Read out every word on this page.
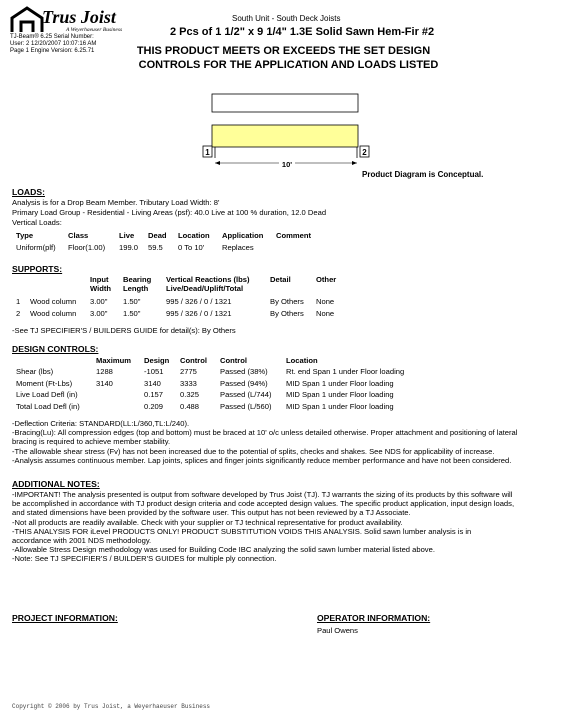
Trus Joist
A Weyerhaeuser Business
TJ-Beam® 6.25 Serial Number:
User: 2 12/20/2007 10:07:16 AM
Page 1 Engine Version: 6.25.71
South Unit - South Deck Joists
2 Pcs of 1 1/2" x 9 1/4" 1.3E Solid Sawn Hem-Fir #2
THIS PRODUCT MEETS OR EXCEEDS THE SET DESIGN
CONTROLS FOR THE APPLICATION AND LOADS LISTED
1	2
10'
Product Diagram is Conceptual.
LOADS:
Analysis is for a Drop Beam Member. Tributary Load Width: 8'
Primary Load Group - Residential - Living Areas (psf): 40.0 Live at 100 % duration, 12.0 Dead
Vertical Loads:
Type	Class	Live	Dead	Location	Application	Comment
Uniform(plf)	Floor(1.00)	199.0	59.5	0 To 10'	Replaces	
SUPPORTS:
		Input	Bearing	Vertical Reactions (lbs)	Detail	Other
		Width	Length	Live/Dead/Uplift/Total		
1	Wood column	3.00"	1.50"	995 / 326 / 0 / 1321	By Others	None
2	Wood column	3.00"	1.50"	995 / 326 / 0 / 1321	By Others	None
-See TJ SPECIFIER'S / BUILDERS GUIDE for detail(s): By Others
DESIGN CONTROLS:
	Maximum	Design	Control	Control	Location
Shear (lbs)	1288	-1051	2775	Passed (38%)	Rt. end Span 1 under Floor loading
Moment (Ft-Lbs)	3140	3140	3333	Passed (94%)	MID Span 1 under Floor loading
Live Load Defl (in)		0.157	0.325	Passed (L/744)	MID Span 1 under Floor loading
Total Load Defl (in)		0.209	0.488	Passed (L/560)	MID Span 1 under Floor loading
-Deflection Criteria: STANDARD(LL:L/360,TL:L/240).
-Bracing(Lu): All compression edges (top and bottom) must be braced at 10' o/c unless detailed otherwise. Proper attachment and positioning of lateral
bracing is required to achieve member stability.
-The allowable shear stress (Fv) has not been increased due to the potential of splits, checks and shakes. See NDS for applicability of increase.
-Analysis assumes continuous member. Lap joints, splices and finger joints significantly reduce member performance and have not been considered.
ADDITIONAL NOTES:
-IMPORTANT! The analysis presented is output from software developed by Trus Joist (TJ). TJ warrants the sizing of its products by this software will
be accomplished in accordance with TJ product design criteria and code accepted design values. The specific product application, input design loads,
and stated dimensions have been provided by the software user. This output has not been reviewed by a TJ Associate.
-Not all products are readily available. Check with your supplier or TJ technical representative for product availability.
-THIS ANALYSIS FOR iLevel PRODUCTS ONLY! PRODUCT SUBSTITUTION VOIDS THIS ANALYSIS. Solid sawn lumber analysis is in
accordance with 2001 NDS methodology.
-Allowable Stress Design methodology was used for Building Code IBC analyzing the solid sawn lumber material listed above.
-Note: See TJ SPECIFIER'S / BUILDER'S GUIDES for multiple ply connection.
PROJECT INFORMATION:	OPERATOR INFORMATION:
Paul Owens
Copyright © 2006 by Trus Joist, a Weyerhaeuser Business
